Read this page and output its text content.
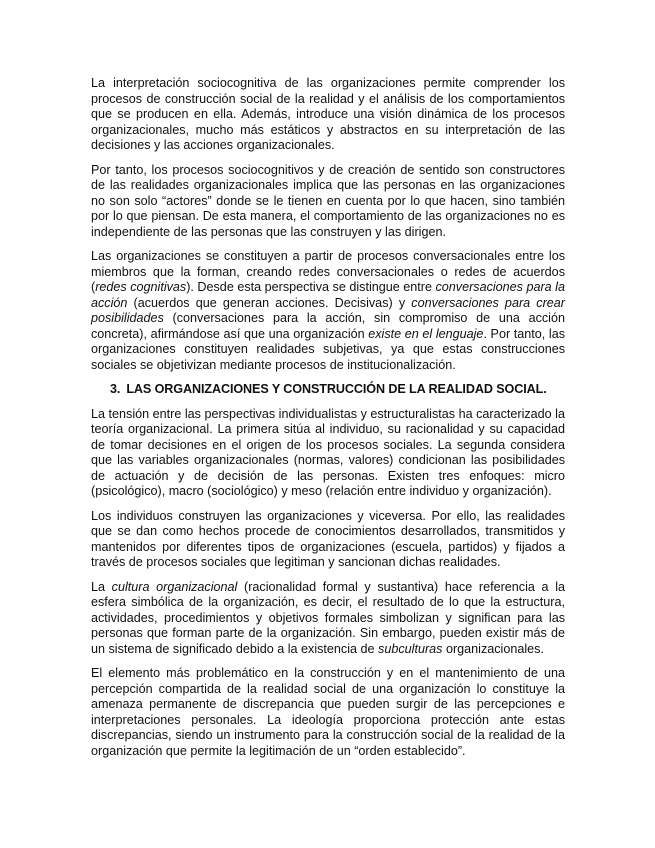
La interpretación sociocognitiva de las organizaciones permite comprender los procesos de construcción social de la realidad y el análisis de los comportamientos que se producen en ella. Además, introduce una visión dinámica de los procesos organizacionales, mucho más estáticos y abstractos en su interpretación de las decisiones y las acciones organizacionales.

Por tanto, los procesos sociocognitivos y de creación de sentido son constructores de las realidades organizacionales implica que las personas en las organizaciones no son solo “actores” donde se le tienen en cuenta por lo que hacen, sino también por lo que piensan. De esta manera, el comportamiento de las organizaciones no es independiente de las personas que las construyen y las dirigen.

Las organizaciones se constituyen a partir de procesos conversacionales entre los miembros que la forman, creando redes conversacionales o redes de acuerdos (redes cognitivas). Desde esta perspectiva se distingue entre conversaciones para la acción (acuerdos que generan acciones. Decisivas) y conversaciones para crear posibilidades (conversaciones para la acción, sin compromiso de una acción concreta), afirmándose así que una organización existe en el lenguaje. Por tanto, las organizaciones constituyen realidades subjetivas, ya que estas construcciones sociales se objetivizan mediante procesos de institucionalización.

3. LAS ORGANIZACIONES Y CONSTRUCCIÓN DE LA REALIDAD SOCIAL.

La tensión entre las perspectivas individualistas y estructuralistas ha caracterizado la teoría organizacional. La primera sitúa al individuo, su racionalidad y su capacidad de tomar decisiones en el origen de los procesos sociales. La segunda considera que las variables organizacionales (normas, valores) condicionan las posibilidades de actuación y de decisión de las personas. Existen tres enfoques: micro (psicológico), macro (sociológico) y meso (relación entre individuo y organización).

Los individuos construyen las organizaciones y viceversa. Por ello, las realidades que se dan como hechos procede de conocimientos desarrollados, transmitidos y mantenidos por diferentes tipos de organizaciones (escuela, partidos) y fijados a través de procesos sociales que legitiman y sancionan dichas realidades.

La cultura organizacional (racionalidad formal y sustantiva) hace referencia a la esfera simbólica de la organización, es decir, el resultado de lo que la estructura, actividades, procedimientos y objetivos formales simbolizan y significan para las personas que forman parte de la organización. Sin embargo, pueden existir más de un sistema de significado debido a la existencia de subculturas organizacionales.

El elemento más problemático en la construcción y en el mantenimiento de una percepción compartida de la realidad social de una organización lo constituye la amenaza permanente de discrepancia que pueden surgir de las percepciones e interpretaciones personales. La ideología proporciona protección ante estas discrepancias, siendo un instrumento para la construcción social de la realidad de la organización que permite la legitimación de un “orden establecido”.
